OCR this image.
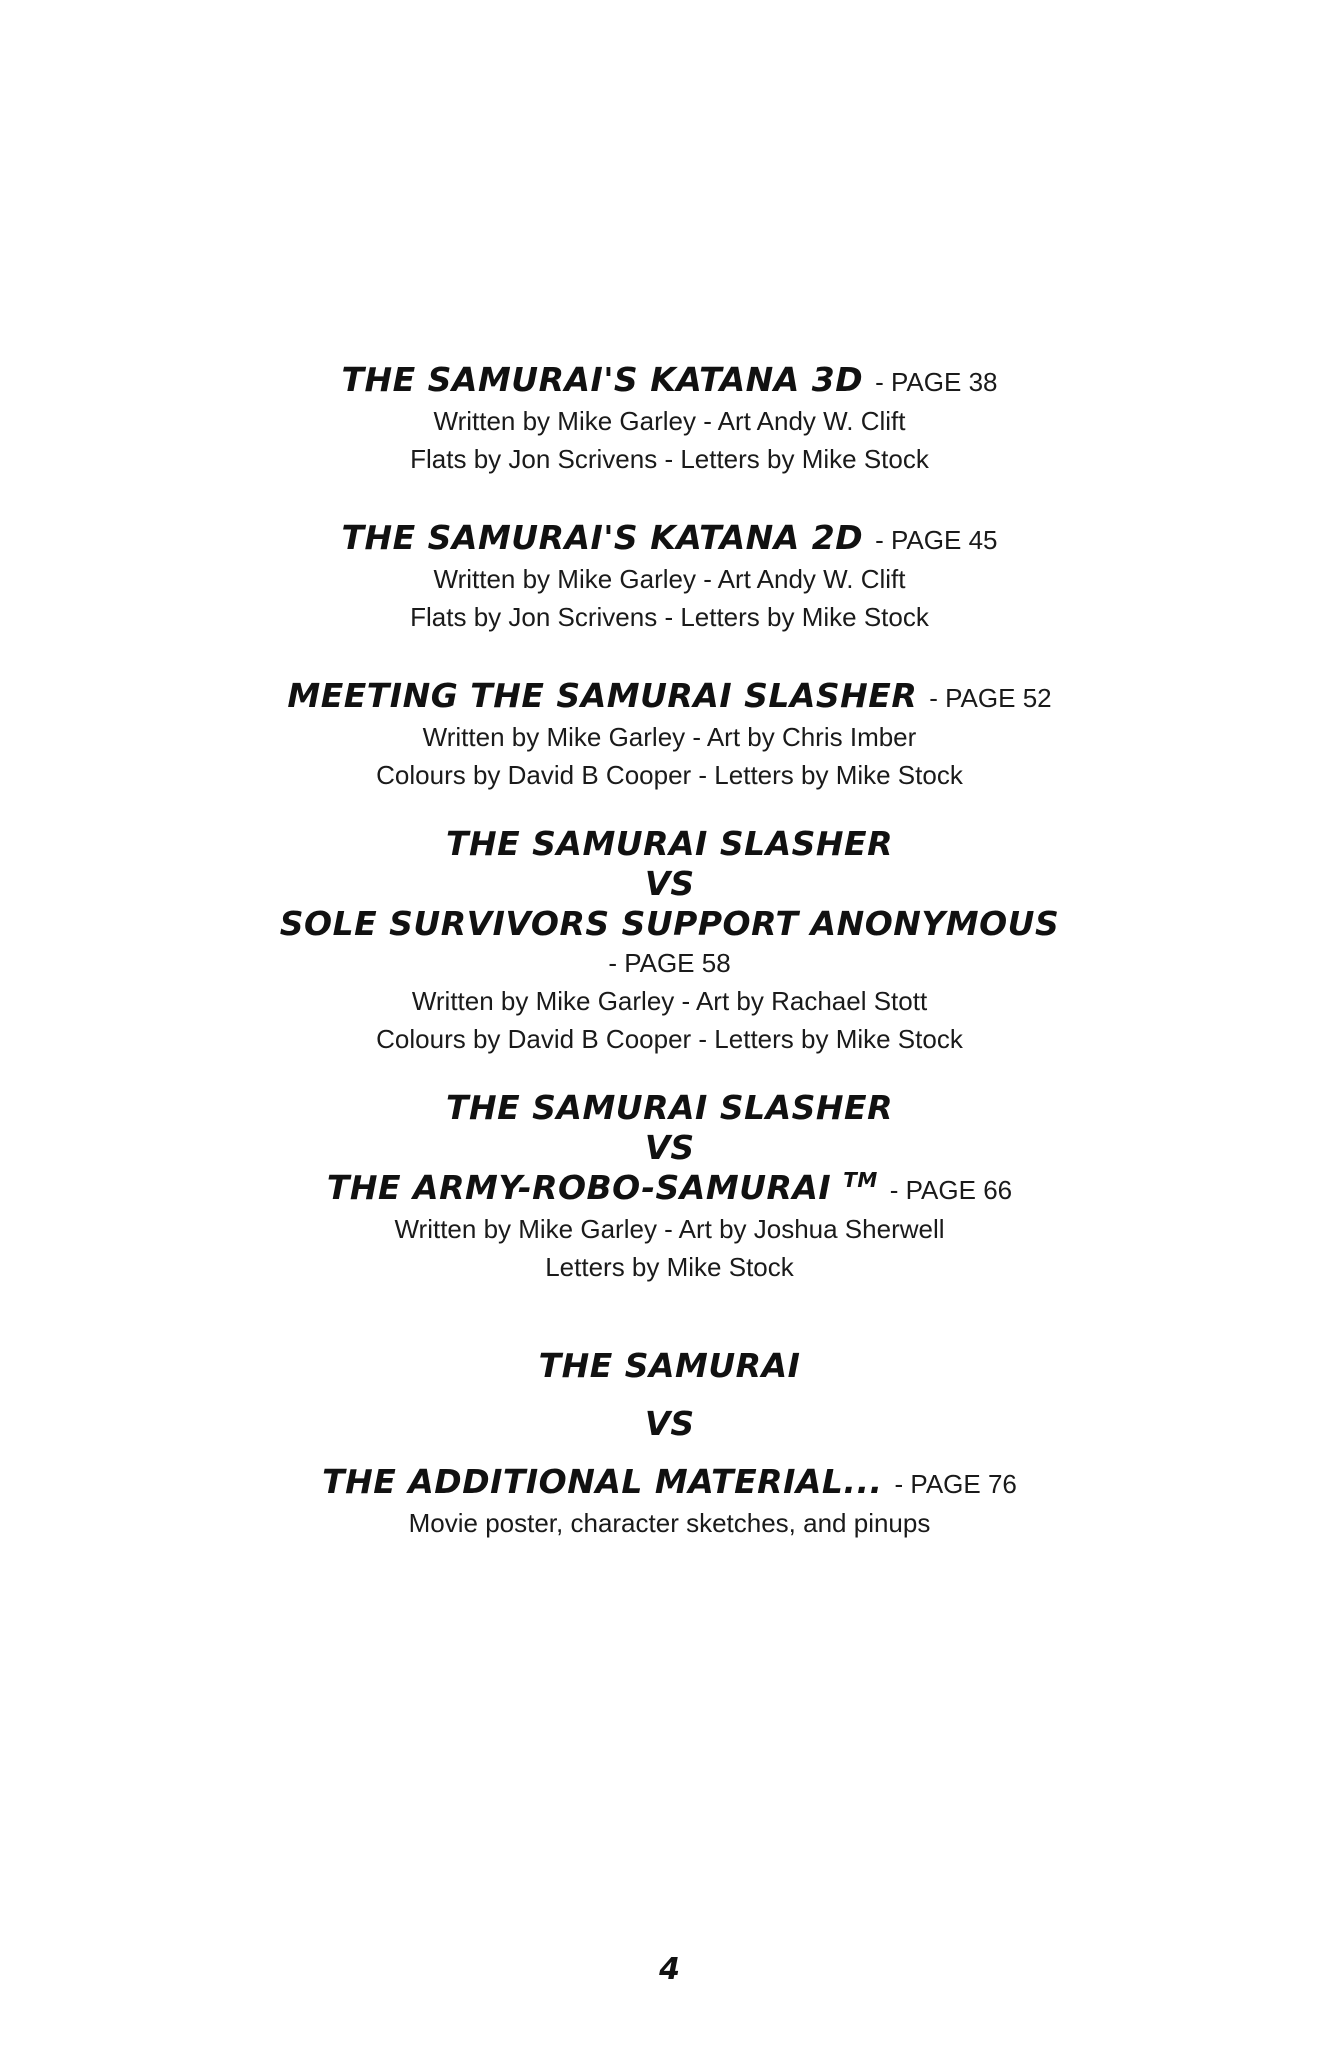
THE SAMURAI'S KATANA 3D - PAGE 38
Written by Mike Garley - Art Andy W. Clift
Flats by Jon Scrivens - Letters by Mike Stock
THE SAMURAI'S KATANA 2D - PAGE 45
Written by Mike Garley - Art Andy W. Clift
Flats by Jon Scrivens - Letters by Mike Stock
MEETING THE SAMURAI SLASHER - PAGE 52
Written by Mike Garley - Art by Chris Imber
Colours by David B Cooper - Letters by Mike Stock
THE SAMURAI SLASHER
VS
SOLE SURVIVORS SUPPORT ANONYMOUS
- PAGE 58
Written by Mike Garley - Art by Rachael Stott
Colours by David B Cooper - Letters by Mike Stock
THE SAMURAI SLASHER
VS
THE ARMY-ROBO-SAMURAI ™ - PAGE 66
Written by Mike Garley - Art by Joshua Sherwell
Letters by Mike Stock
THE SAMURAI
VS
THE ADDITIONAL MATERIAL... - PAGE 76
Movie poster, character sketches, and pinups
4
